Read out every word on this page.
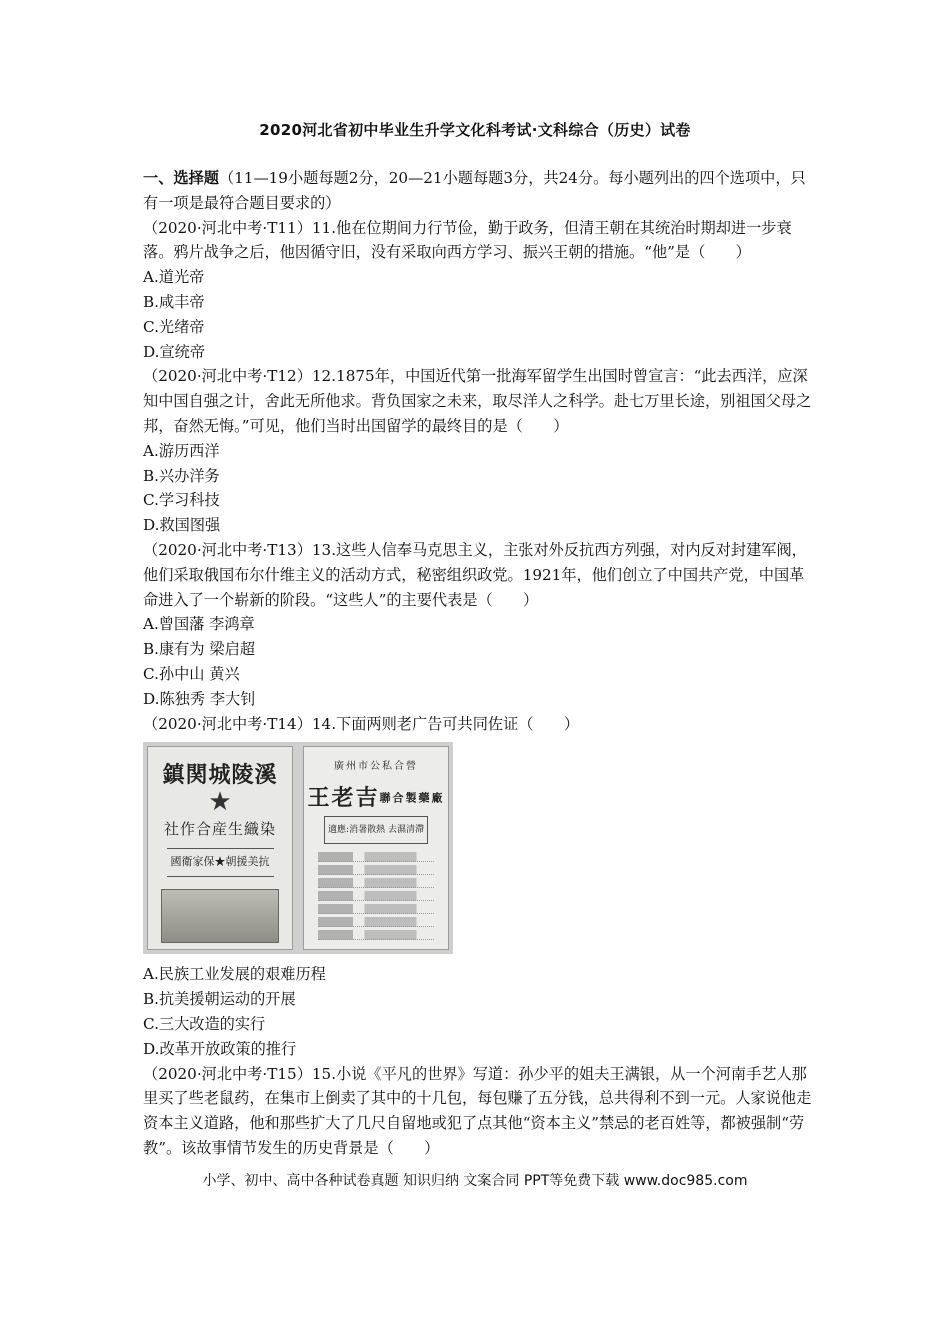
2020河北省初中毕业生升学文化科考试·文科综合（历史）试卷

一、选择题（11—19小题每题2分，20—21小题每题3分，共24分。每小题列出的四个选项中，只有一项是最符合题目要求的）

（2020·河北中考·T11）11.他在位期间力行节俭，勤于政务，但清王朝在其统治时期却进一步衰落。鸦片战争之后，他因循守旧，没有采取向西方学习、振兴王朝的措施。“他”是（　　）

A.道光帝

B.咸丰帝

C.光绪帝

D.宣统帝

（2020·河北中考·T12）12.1875年，中国近代第一批海军留学生出国时曾宣言：“此去西洋，应深知中国自强之计，舍此无所他求。背负国家之未来，取尽洋人之科学。赴七万里长途，别祖国父母之邦，奋然无悔。”可见，他们当时出国留学的最终目的是（　　）

A.游历西洋

B.兴办洋务

C.学习科技

D.救国图强

（2020·河北中考·T13）13.这些人信奉马克思主义，主张对外反抗西方列强，对内反对封建军阀，他们采取俄国布尔什维主义的活动方式，秘密组织政党。1921年，他们创立了中国共产党，中国革命进入了一个崭新的阶段。“这些人”的主要代表是（　　）

A.曾国藩 李鸿章

B.康有为 梁启超

C.孙中山 黄兴

D.陈独秀 李大钊

（2020·河北中考·T14）14.下面两则老广告可共同佐证（　　）

鎮関城陵溪
★
社作合産生織染
國衛家保★朝援美抗
廣州市公私合營
王老吉聯合製藥廠
適應:消暑散熱 去濕清滯

A.民族工业发展的艰难历程

B.抗美援朝运动的开展

C.三大改造的实行

D.改革开放政策的推行

（2020·河北中考·T15）15.小说《平凡的世界》写道：孙少平的姐夫王满银，从一个河南手艺人那里买了些老鼠药，在集市上倒卖了其中的十几包，每包赚了五分钱，总共得利不到一元。人家说他走资本主义道路，他和那些扩大了几尺自留地或犯了点其他“资本主义”禁忌的老百姓等，都被强制“劳教”。该故事情节发生的历史背景是（　　）

小学、初中、高中各种试卷真题 知识归纳 文案合同 PPT等免费下载 www.doc985.com
